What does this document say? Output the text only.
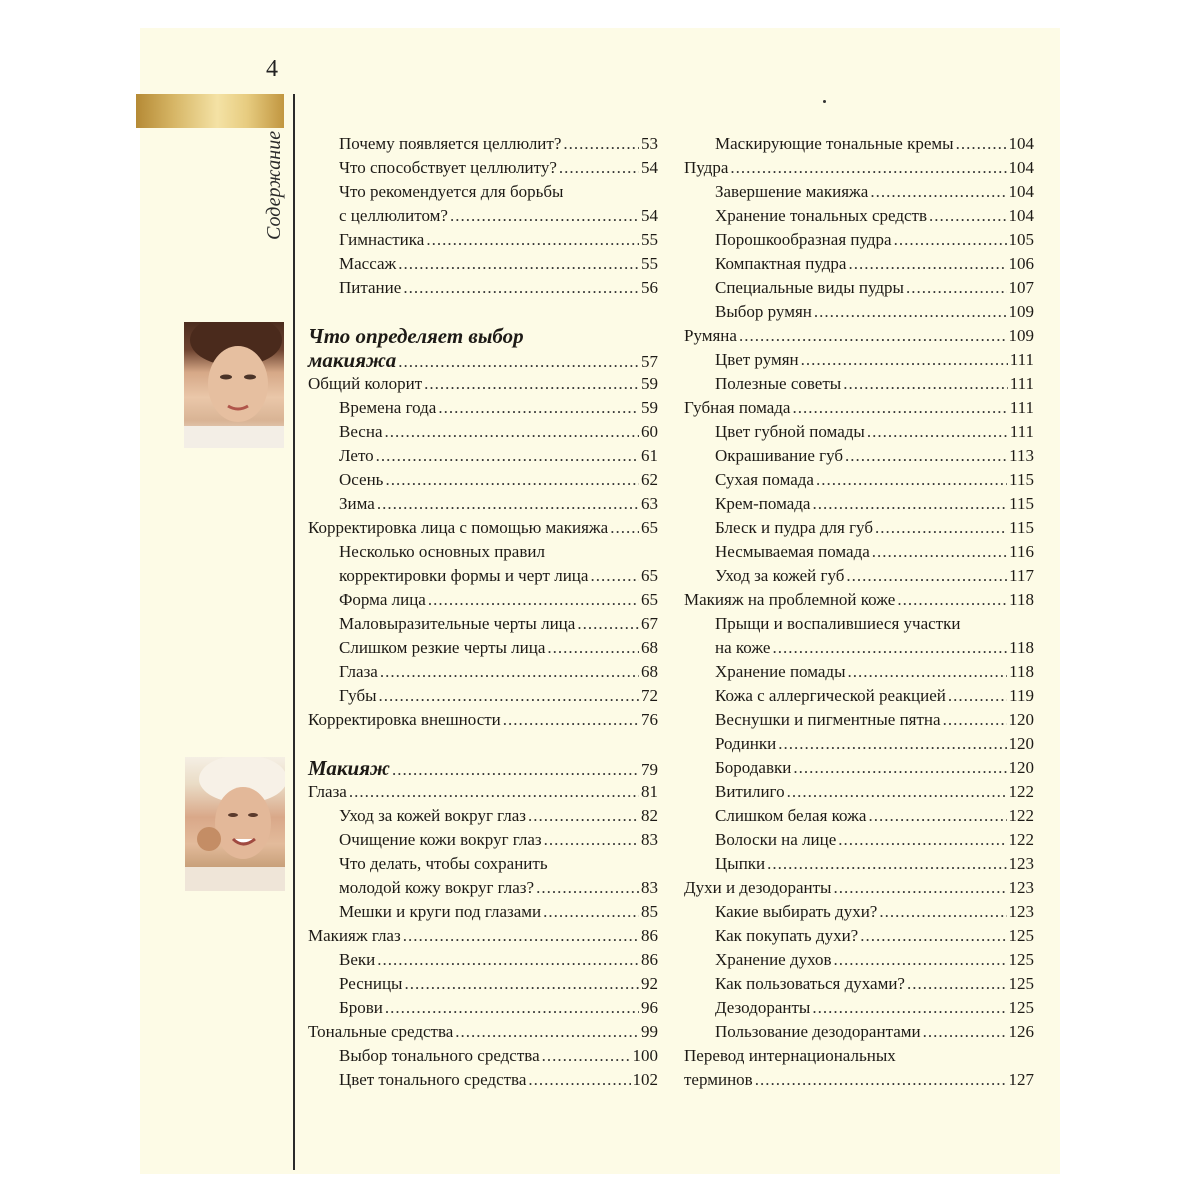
4
Содержание	Почему появляется целлюлит? .....	53
Что способствует целлюлиту? .....	54
Что рекомендуется для борьбы
с целлюлитом? .....	54
Гимнастика .....	55
Массаж .....	55
Питание .....	56
Что определяет выбор
макияжа .....	57
Общий колорит .....	59
Времена года .....	59
Весна .....	60
Лето .....	61
Осень .....	62
Зима .....	63
Корректировка лица с помощью макияжа ..... 65
Несколько основных правил
корректировки формы и черт лица .....	65
Форма лица .....	65
Маловыразительные черты лица .....	67
Слишком резкие черты лица .....	68
Глаза .....	68
Губы .....	72
Корректировка внешности .....	76
Макияж .....	79
Глаза .....	81
Уход за кожей вокруг глаз .....	82
Очищение кожи вокруг глаз .....	83
Что делать, чтобы сохранить
молодой кожу вокруг глаз? .....	83
Мешки и круги под глазами .....	85
Макияж глаз .....	86
Веки .....	86
Ресницы .....	92
Брови .....	96
Тональные средства .....	99
Выбор тонального средства .....	100
Цвет тонального средства .....	102
Маскирующие тональные кремы .....	104
Пудра .....	104
Завершение макияжа .....	104
Хранение тональных средств .....	104
Порошкообразная пудра .....	105
Компактная пудра .....	106
Специальные виды пудры .....	107
Выбор румян .....	109
Румяна .....	109
Цвет румян .....	111
Полезные советы .....	111
Губная помада .....	111
Цвет губной помады .....	111
Окрашивание губ .....	113
Сухая помада .....	115
Крем-помада .....	115
Блеск и пудра для губ .....	115
Несмываемая помада .....	116
Уход за кожей губ .....	117
Макияж на проблемной коже .....	118
Прыщи и воспалившиеся участки
на коже .....	118
Хранение помады .....	118
Кожа с аллергической реакцией .....	119
Веснушки и пигментные пятна .....	120
Родинки .....	120
Бородавки .....	120
Витилиго .....	122
Слишком белая кожа .....	122
Волоски на лице .....	122
Цыпки .....	123
Духи и дезодоранты .....	123
Какие выбирать духи? .....	123
Как покупать духи? .....	125
Хранение духов .....	125
Как пользоваться духами? .....	125
Дезодоранты .....	125
Пользование дезодорантами .....	126
Перевод интернациональных
терминов .....	127
